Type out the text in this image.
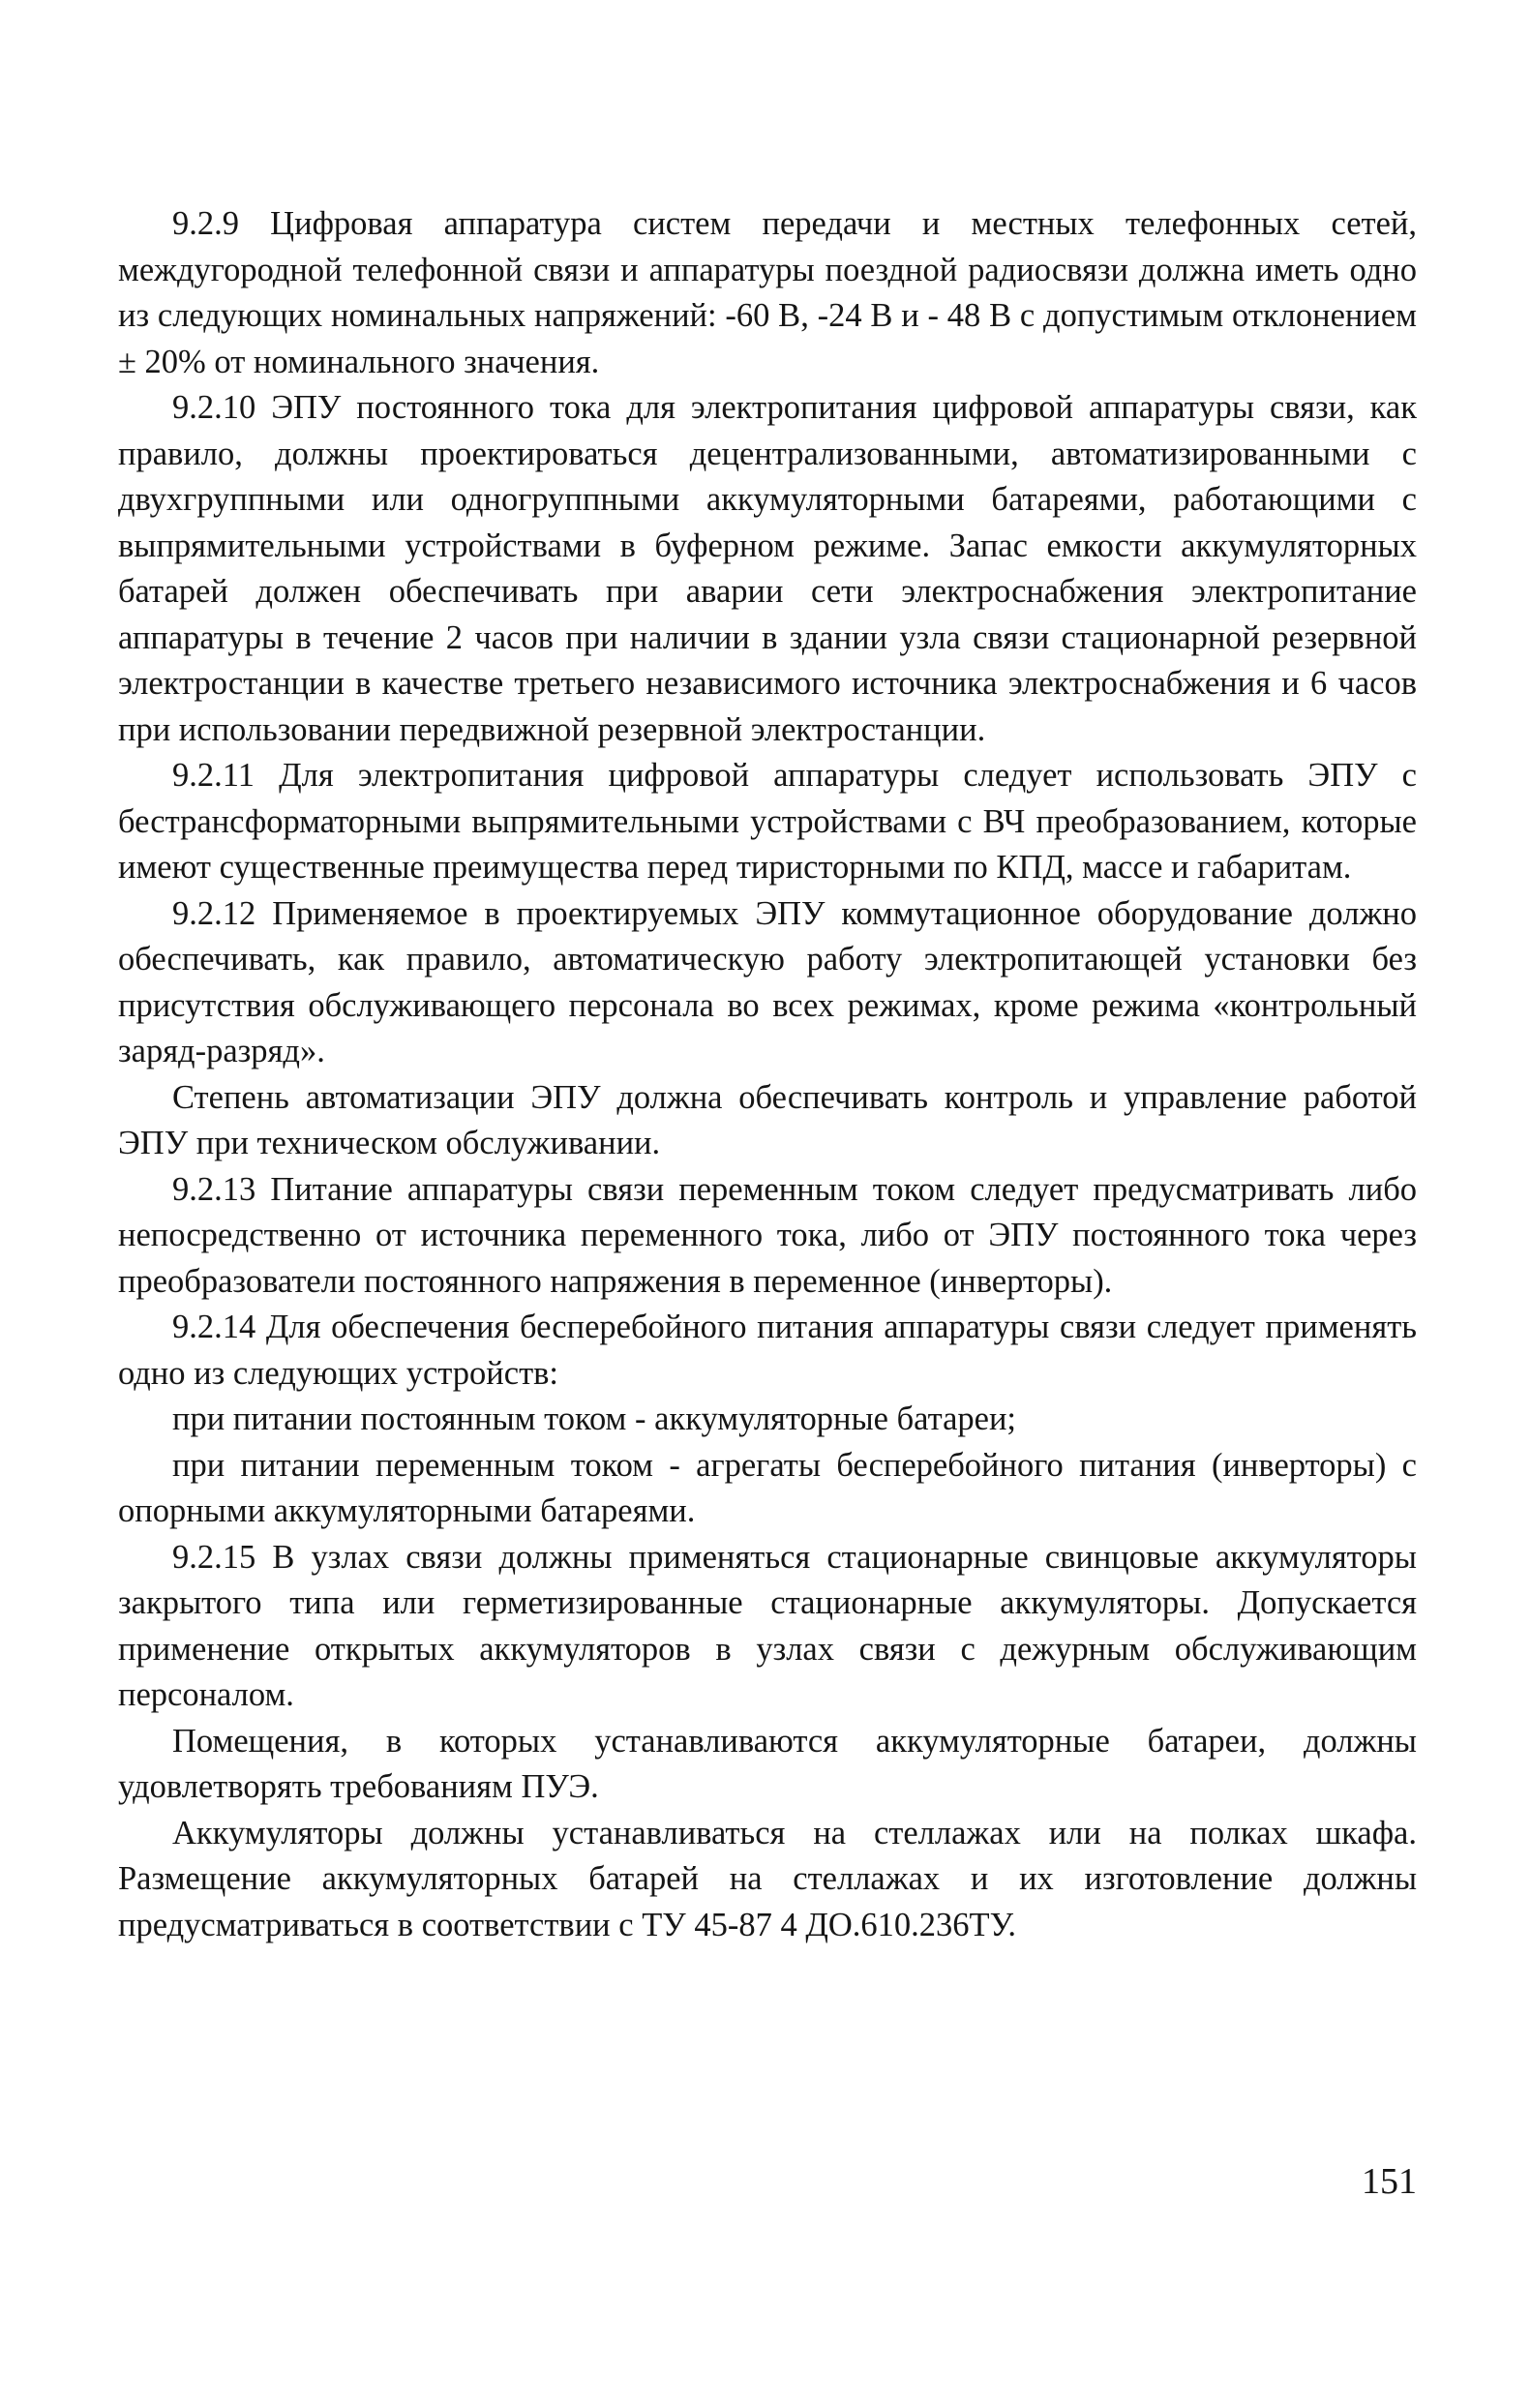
9.2.9 Цифровая аппаратура систем передачи и местных телефонных сетей, междугородной телефонной связи и аппаратуры поездной радиосвязи должна иметь одно из следующих номинальных напряжений: -60 В, -24 В и - 48 В с допустимым отклонением ± 20% от номинального значения.

9.2.10 ЭПУ постоянного тока для электропитания цифровой аппаратуры связи, как правило, должны проектироваться децентрализованными, автоматизированными с двухгруппными или одногруппными аккумуляторными батареями, работающими с выпрямительными устройствами в буферном режиме. Запас емкости аккумуляторных батарей должен обеспечивать при аварии сети электроснабжения электропитание аппаратуры в течение 2 часов при наличии в здании узла связи стационарной резервной электростанции в качестве третьего независимого источника электроснабжения и 6 часов при использовании передвижной резервной электростанции.

9.2.11 Для электропитания цифровой аппаратуры следует использовать ЭПУ с бестрансформаторными выпрямительными устройствами с ВЧ преобразованием, которые имеют существенные преимущества перед тиристорными по КПД, массе и габаритам.

9.2.12 Применяемое в проектируемых ЭПУ коммутационное оборудование должно обеспечивать, как правило, автоматическую работу электропитающей установки без присутствия обслуживающего персонала во всех режимах, кроме режима «контрольный заряд-разряд».

Степень автоматизации ЭПУ должна обеспечивать контроль и управление работой ЭПУ при техническом обслуживании.

9.2.13 Питание аппаратуры связи переменным током следует предусматривать либо непосредственно от источника переменного тока, либо от ЭПУ постоянного тока через преобразователи постоянного напряжения в переменное (инверторы).

9.2.14 Для обеспечения бесперебойного питания аппаратуры связи следует применять одно из следующих устройств:

при питании постоянным током - аккумуляторные батареи;

при питании переменным током - агрегаты бесперебойного питания (инверторы) с опорными аккумуляторными батареями.

9.2.15 В узлах связи должны применяться стационарные свинцовые аккумуляторы закрытого типа или герметизированные стационарные аккумуляторы. Допускается применение открытых аккумуляторов в узлах связи с дежурным обслуживающим персоналом.

Помещения, в которых устанавливаются аккумуляторные батареи, должны удовлетворять требованиям ПУЭ.

Аккумуляторы должны устанавливаться на стеллажах или на полках шкафа. Размещение аккумуляторных батарей на стеллажах и их изготовление должны предусматриваться в соответствии с ТУ 45-87 4 ДО.610.236ТУ.

151
